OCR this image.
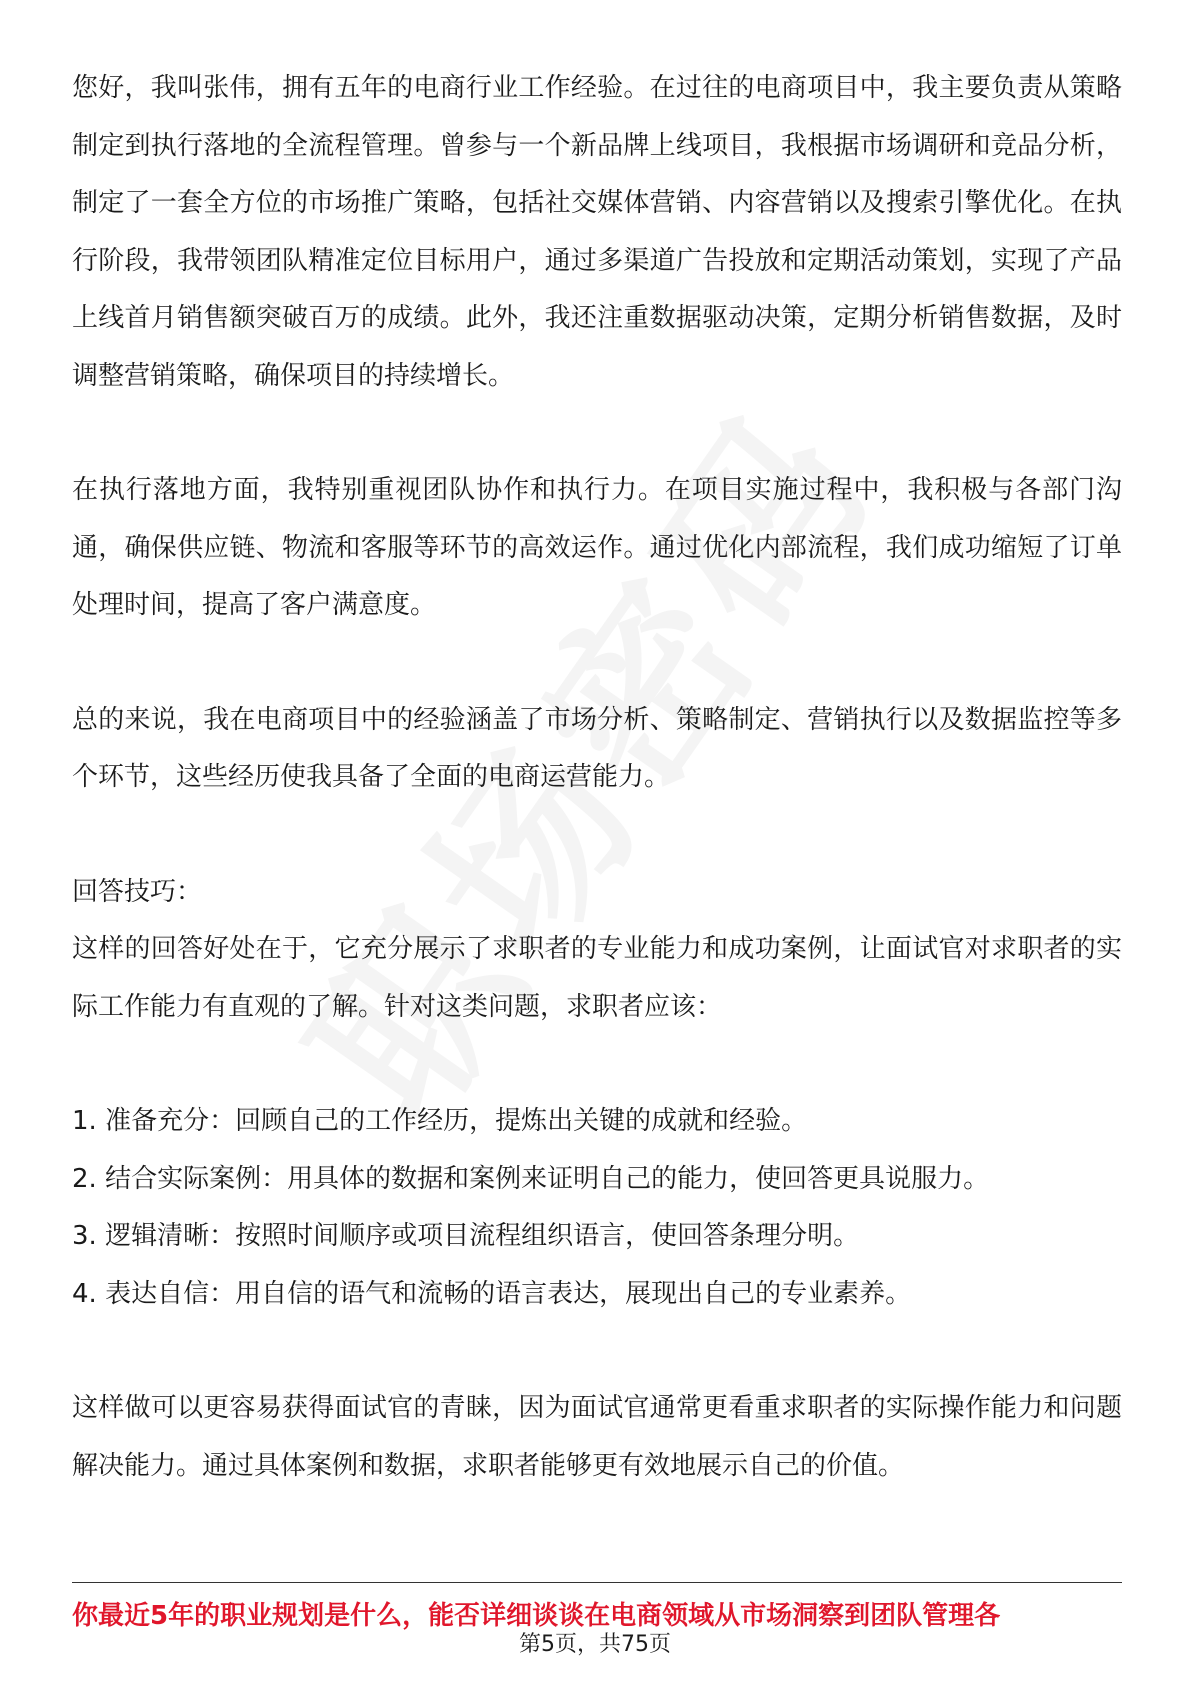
您好，我叫张伟，拥有五年的电商行业工作经验。在过往的电商项目中，我主要负责从策略制定到执行落地的全流程管理。曾参与一个新品牌上线项目，我根据市场调研和竞品分析，制定了一套全方位的市场推广策略，包括社交媒体营销、内容营销以及搜索引擎优化。在执行阶段，我带领团队精准定位目标用户，通过多渠道广告投放和定期活动策划，实现了产品上线首月销售额突破百万的成绩。此外，我还注重数据驱动决策，定期分析销售数据，及时调整营销策略，确保项目的持续增长。

在执行落地方面，我特别重视团队协作和执行力。在项目实施过程中，我积极与各部门沟通，确保供应链、物流和客服等环节的高效运作。通过优化内部流程，我们成功缩短了订单处理时间，提高了客户满意度。

总的来说，我在电商项目中的经验涵盖了市场分析、策略制定、营销执行以及数据监控等多个环节，这些经历使我具备了全面的电商运营能力。

回答技巧：

这样的回答好处在于，它充分展示了求职者的专业能力和成功案例，让面试官对求职者的实际工作能力有直观的了解。针对这类问题，求职者应该：

1. 准备充分：回顾自己的工作经历，提炼出关键的成就和经验。
2. 结合实际案例：用具体的数据和案例来证明自己的能力，使回答更具说服力。
3. 逻辑清晰：按照时间顺序或项目流程组织语言，使回答条理分明。
4. 表达自信：用自信的语气和流畅的语言表达，展现出自己的专业素养。

这样做可以更容易获得面试官的青睐，因为面试官通常更看重求职者的实际操作能力和问题解决能力。通过具体案例和数据，求职者能够更有效地展示自己的价值。

你最近5年的职业规划是什么，能否详细谈谈在电商领域从市场洞察到团队管理各
第5页，共75页
